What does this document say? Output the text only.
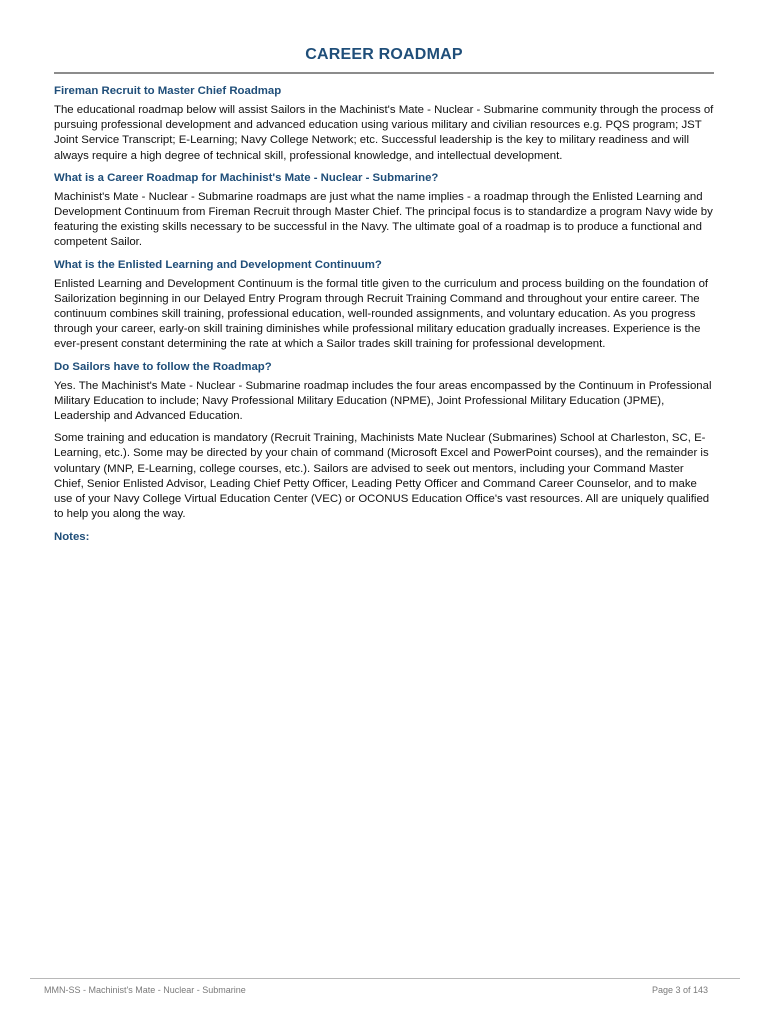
CAREER ROADMAP
Fireman Recruit to Master Chief Roadmap

The educational roadmap below will assist Sailors in the Machinist's Mate - Nuclear - Submarine community through the process of pursuing professional development and advanced education using various military and civilian resources e.g. PQS program; JST Joint Service Transcript; E-Learning; Navy College Network; etc. Successful leadership is the key to military readiness and will always require a high degree of technical skill, professional knowledge, and intellectual development.

What is a Career Roadmap for Machinist's Mate - Nuclear - Submarine?

Machinist's Mate - Nuclear - Submarine roadmaps are just what the name implies - a roadmap through the Enlisted Learning and Development Continuum from Fireman Recruit through Master Chief. The principal focus is to standardize a program Navy wide by featuring the existing skills necessary to be successful in the Navy. The ultimate goal of a roadmap is to produce a functional and competent Sailor.

What is the Enlisted Learning and Development Continuum?

Enlisted Learning and Development Continuum is the formal title given to the curriculum and process building on the foundation of Sailorization beginning in our Delayed Entry Program through Recruit Training Command and throughout your entire career. The continuum combines skill training, professional education, well-rounded assignments, and voluntary education. As you progress through your career, early-on skill training diminishes while professional military education gradually increases. Experience is the ever-present constant determining the rate at which a Sailor trades skill training for professional development.

Do Sailors have to follow the Roadmap?

Yes. The Machinist's Mate - Nuclear - Submarine roadmap includes the four areas encompassed by the Continuum in Professional Military Education to include; Navy Professional Military Education (NPME), Joint Professional Military Education (JPME), Leadership and Advanced Education.

Some training and education is mandatory (Recruit Training, Machinists Mate Nuclear (Submarines) School at Charleston, SC, E-Learning, etc.). Some may be directed by your chain of command (Microsoft Excel and PowerPoint courses), and the remainder is voluntary (MNP, E-Learning, college courses, etc.). Sailors are advised to seek out mentors, including your Command Master Chief, Senior Enlisted Advisor, Leading Chief Petty Officer, Leading Petty Officer and Command Career Counselor, and to make use of your Navy College Virtual Education Center (VEC) or OCONUS Education Office's vast resources. All are uniquely qualified to help you along the way.

Notes:
MMN-SS - Machinist's Mate - Nuclear - Submarine	Page 3 of 143
